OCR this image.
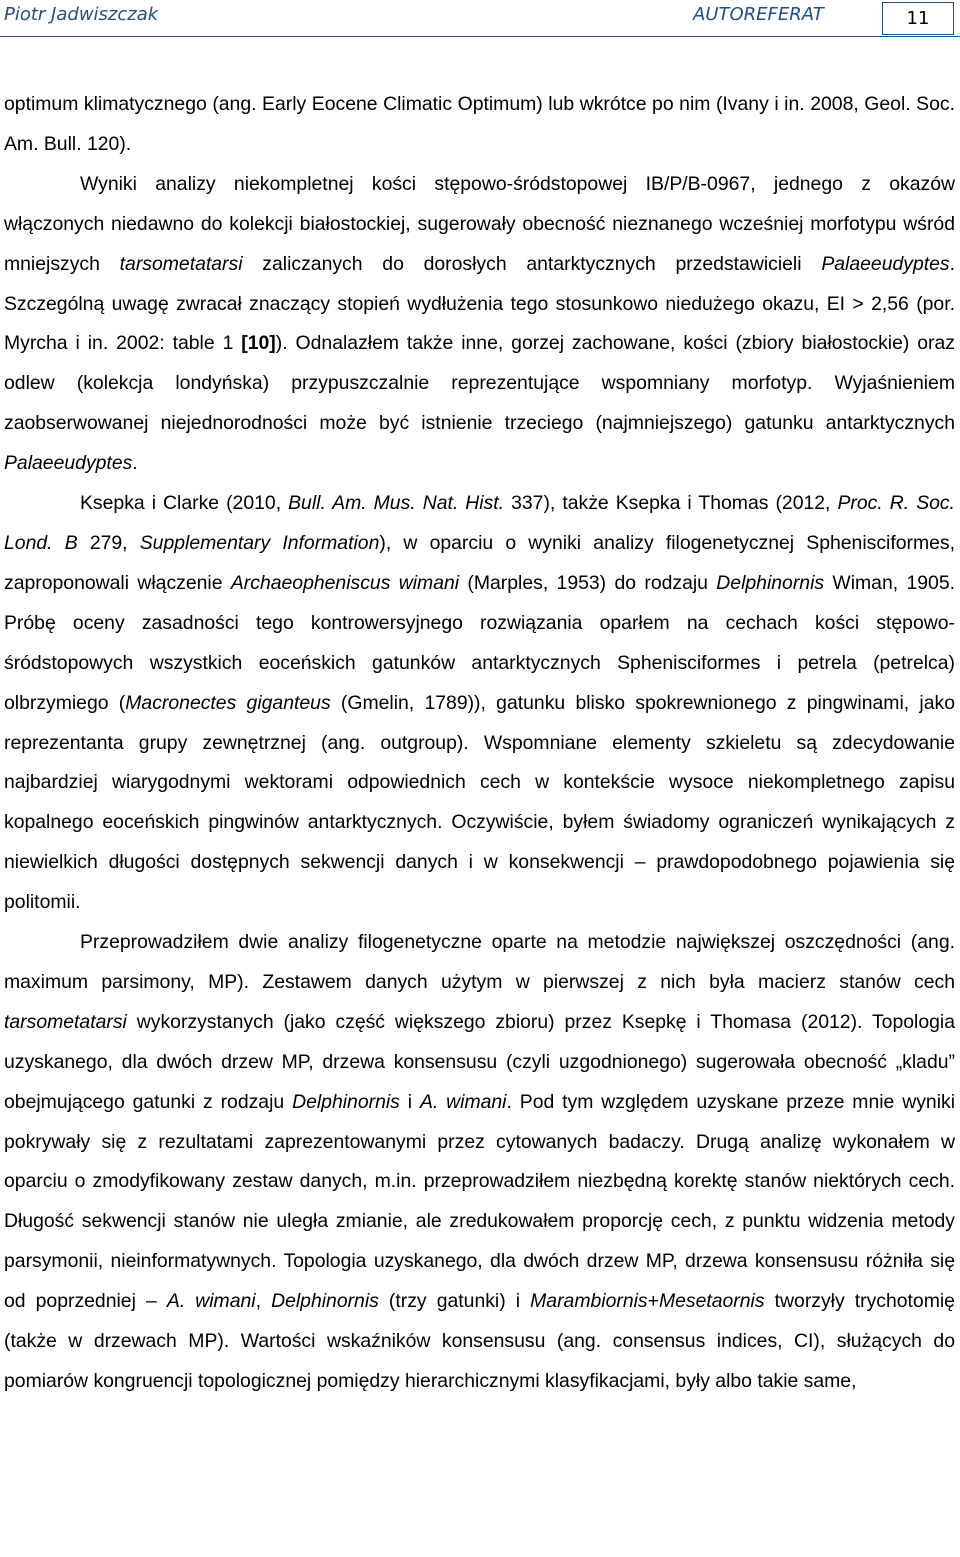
Piotr Jadwiszczak	AUTOREFERAT	11

optimum klimatycznego (ang. Early Eocene Climatic Optimum) lub wkrótce po nim (Ivany i in. 2008, Geol. Soc. Am. Bull. 120).

Wyniki analizy niekompletnej kości stępowo-śródstopowej IB/P/B-0967, jednego z okazów włączonych niedawno do kolekcji białostockiej, sugerowały obecność nieznanego wcześniej morfotypu wśród mniejszych tarsometatarsi zaliczanych do dorosłych antarktycznych przedstawicieli Palaeeudyptes. Szczególną uwagę zwracał znaczący stopień wydłużenia tego stosunkowo niedużego okazu, EI > 2,56 (por. Myrcha i in. 2002: table 1 [10]). Odnalazłem także inne, gorzej zachowane, kości (zbiory białostockie) oraz odlew (kolekcja londyńska) przypuszczalnie reprezentujące wspomniany morfotyp. Wyjaśnieniem zaobserwowanej niejednorodności może być istnienie trzeciego (najmniejszego) gatunku antarktycznych Palaeeudyptes.

Ksepka i Clarke (2010, Bull. Am. Mus. Nat. Hist. 337), także Ksepka i Thomas (2012, Proc. R. Soc. Lond. B 279, Supplementary Information), w oparciu o wyniki analizy filogenetycznej Sphenisciformes, zaproponowali włączenie Archaeopheniscus wimani (Marples, 1953) do rodzaju Delphinornis Wiman, 1905. Próbę oceny zasadności tego kontrowersyjnego rozwiązania oparłem na cechach kości stępowo-śródstopowych wszystkich eoceńskich gatunków antarktycznych Sphenisciformes i petrela (petrelca) olbrzymiego (Macronectes giganteus (Gmelin, 1789)), gatunku blisko spokrewnionego z pingwinami, jako reprezentanta grupy zewnętrznej (ang. outgroup). Wspomniane elementy szkieletu są zdecydowanie najbardziej wiarygodnymi wektorami odpowiednich cech w kontekście wysoce niekompletnego zapisu kopalnego eoceńskich pingwinów antarktycznych. Oczywiście, byłem świadomy ograniczeń wynikających z niewielkich długości dostępnych sekwencji danych i w konsekwencji – prawdopodobnego pojawienia się politomii.

Przeprowadziłem dwie analizy filogenetyczne oparte na metodzie największej oszczędności (ang. maximum parsimony, MP). Zestawem danych użytym w pierwszej z nich była macierz stanów cech tarsometatarsi wykorzystanych (jako część większego zbioru) przez Ksepkę i Thomasa (2012). Topologia uzyskanego, dla dwóch drzew MP, drzewa konsensusu (czyli uzgodnionego) sugerowała obecność „kladu” obejmującego gatunki z rodzaju Delphinornis i A. wimani. Pod tym względem uzyskane przeze mnie wyniki pokrywały się z rezultatami zaprezentowanymi przez cytowanych badaczy. Drugą analizę wykonałem w oparciu o zmodyfikowany zestaw danych, m.in. przeprowadziłem niezbędną korektę stanów niektórych cech. Długość sekwencji stanów nie uległa zmianie, ale zredukowałem proporcję cech, z punktu widzenia metody parsymonii, nieinformatywnych. Topologia uzyskanego, dla dwóch drzew MP, drzewa konsensusu różniła się od poprzedniej – A. wimani, Delphinornis (trzy gatunki) i Marambiornis+Mesetaornis tworzyły trychotomię (także w drzewach MP). Wartości wskaźników konsensusu (ang. consensus indices, CI), służących do pomiarów kongruencji topologicznej pomiędzy hierarchicznymi klasyfikacjami, były albo takie same,
